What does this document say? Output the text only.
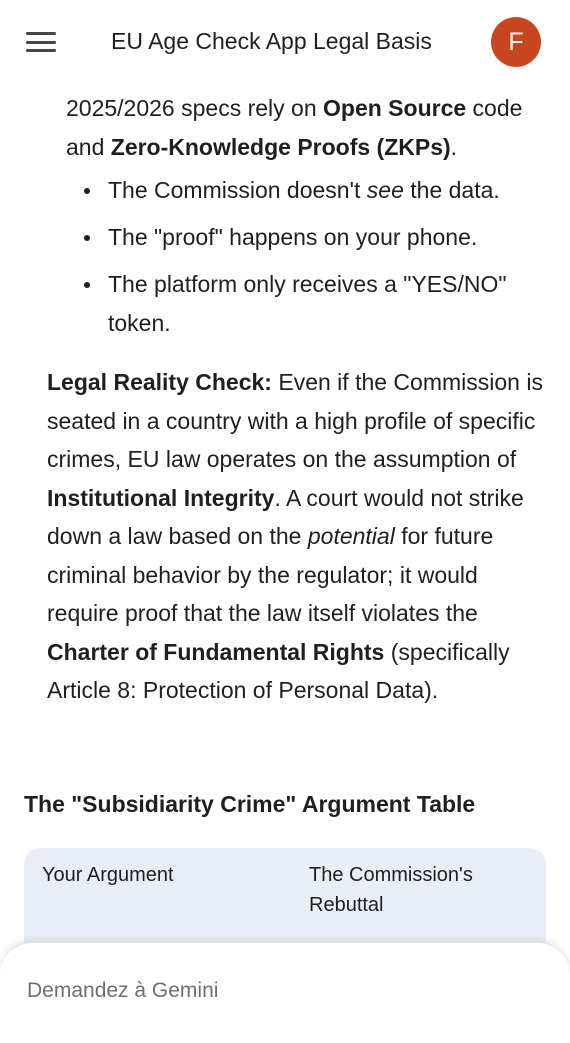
EU Age Check App Legal Basis	F

2025/2026 specs rely on Open Source code and Zero-Knowledge Proofs (ZKPs).

The Commission doesn't see the data.
The "proof" happens on your phone.
The platform only receives a "YES/NO" token.

Legal Reality Check: Even if the Commission is seated in a country with a high profile of specific crimes, EU law operates on the assumption of Institutional Integrity. A court would not strike down a law based on the potential for future criminal behavior by the regulator; it would require proof that the law itself violates the Charter of Fundamental Rights (specifically Article 8: Protection of Personal Data).

The "Subsidiarity Crime" Argument Table
Your Argument	The Commission's Rebuttal
Demandez à Gemini
